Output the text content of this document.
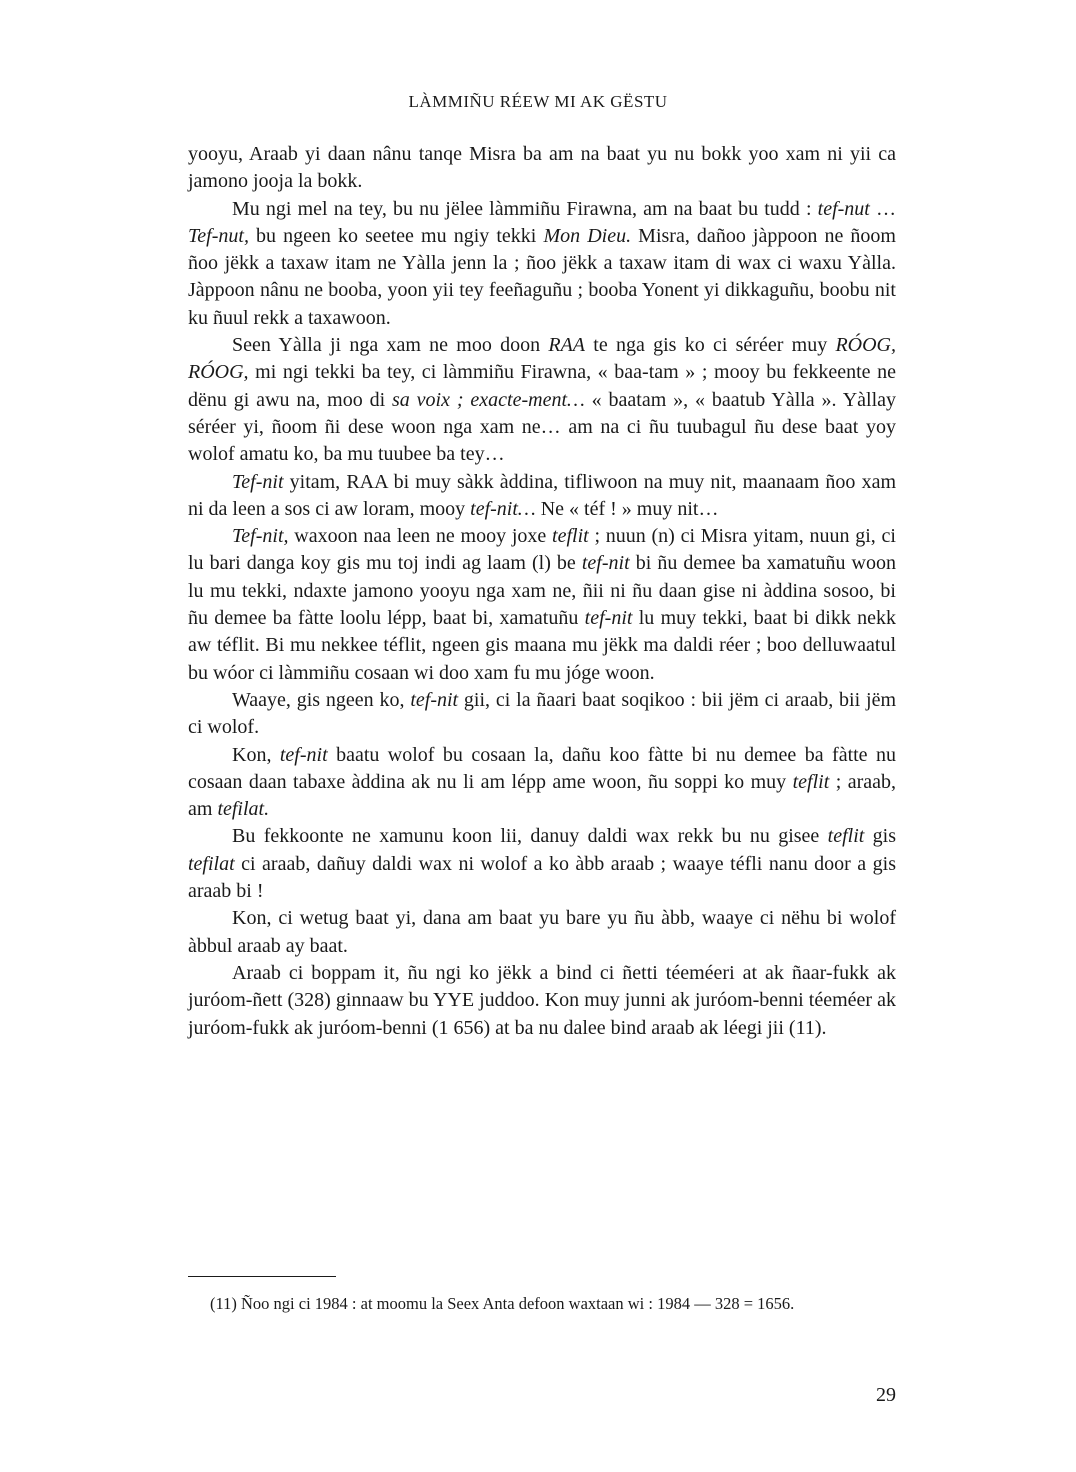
LÀMMIÑU RÉEW MI AK GËSTU

yooyu, Araab yi daan nânu tanqe Misra ba am na baat yu nu bokk yoo xam ni yii ca jamono jooja la bokk.

Mu ngi mel na tey, bu nu jëlee làmmiñu Firawna, am na baat bu tudd : tef-nut … Tef-nut, bu ngeen ko seetee mu ngiy tekki Mon Dieu. Misra, dañoo jàppoon ne ñoom ñoo jëkk a taxaw itam ne Yàlla jenn la ; ñoo jëkk a taxaw itam di wax ci waxu Yàlla. Jàppoon nânu ne booba, yoon yii tey feeñaguñu ; booba Yonent yi dikkaguñu, boobu nit ku ñuul rekk a taxawoon.

Seen Yàlla ji nga xam ne moo doon RAA te nga gis ko ci séréer muy RÓOG, RÓOG, mi ngi tekki ba tey, ci làmmiñu Firawna, « baa-tam » ; mooy bu fekkeente ne dënu gi awu na, moo di sa voix ; exacte-ment… « baatam », « baatub Yàlla ». Yàllay séréer yi, ñoom ñi dese woon nga xam ne… am na ci ñu tuubagul ñu dese baat yoy wolof amatu ko, ba mu tuubee ba tey…

Tef-nit yitam, RAA bi muy sàkk àddina, tifliwoon na muy nit, maanaam ñoo xam ni da leen a sos ci aw loram, mooy tef-nit… Ne « téf ! » muy nit…

Tef-nit, waxoon naa leen ne mooy joxe teflit ; nuun (n) ci Misra yitam, nuun gi, ci lu bari danga koy gis mu toj indi ag laam (l) be tef-nit bi ñu demee ba xamatuñu woon lu mu tekki, ndaxte jamono yooyu nga xam ne, ñii ni ñu daan gise ni àddina sosoo, bi ñu demee ba fàtte loolu lépp, baat bi, xamatuñu tef-nit lu muy tekki, baat bi dikk nekk aw téflit. Bi mu nekkee téflit, ngeen gis maana mu jëkk ma daldi réer ; boo delluwaatul bu wóor ci làmmiñu cosaan wi doo xam fu mu jóge woon.

Waaye, gis ngeen ko, tef-nit gii, ci la ñaari baat soqikoo : bii jëm ci araab, bii jëm ci wolof.

Kon, tef-nit baatu wolof bu cosaan la, dañu koo fàtte bi nu demee ba fàtte nu cosaan daan tabaxe àddina ak nu li am lépp ame woon, ñu soppi ko muy teflit ; araab, am tefilat.

Bu fekkoonte ne xamunu koon lii, danuy daldi wax rekk bu nu gisee teflit gis tefilat ci araab, dañuy daldi wax ni wolof a ko àbb araab ; waaye téfli nanu door a gis araab bi !

Kon, ci wetug baat yi, dana am baat yu bare yu ñu àbb, waaye ci nëhu bi wolof àbbul araab ay baat.

Araab ci boppam it, ñu ngi ko jëkk a bind ci ñetti téeméeri at ak ñaar-fukk ak juróom-ñett (328) ginnaaw bu YYE juddoo. Kon muy junni ak juróom-benni téeméer ak juróom-fukk ak juróom-benni (1 656) at ba nu dalee bind araab ak léegi jii (11).

(11) Ñoo ngi ci 1984 : at moomu la Seex Anta defoon waxtaan wi : 1984 — 328 = 1656.

29
